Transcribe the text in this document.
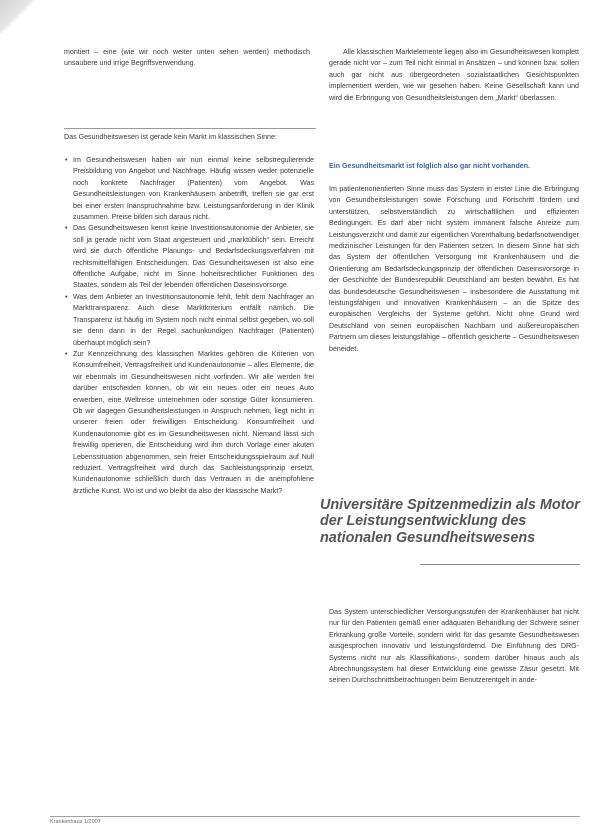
montiert – eine (wie wir noch weiter unten sehen werden) methodisch unsaubere und irrige Begriffsverwendung.

Das Gesundheitswesen ist gerade kein Markt im klassischen Sinne:

• Im Gesundheitswesen haben wir nun einmal keine selbstregulierende Preisbildung von Angebot und Nachfrage. Häufig wissen weder potenzielle noch konkrete Nachfrager (Patienten) vom Angebot. Was Gesundheitsleistungen von Krankenhäusern anbetrifft, treffen sie gar erst bei einer ersten Inanspruchnahme bzw. Leistungsanforderung in der Klinik zusammen. Preise bilden sich daraus nicht.
• Das Gesundheitswesen kennt keine Investitionsautonomie der Anbieter, sie soll ja gerade nicht vom Staat angesteuert und „marktüblich“ sein. Erreicht wird sie durch öffentliche Planungs- und Bedarfsdeckungsverfahren mit rechtsmittelfähigen Entscheidungen. Das Gesundheitswesen ist also eine öffentliche Aufgabe, nicht im Sinne hoheitsrechtlicher Funktionen des Staates, sondern als Teil der lebenden öffentlichen Daseinsvorsorge.
• Was dem Anbieter an Investitionsautonomie fehlt, fehlt dem Nachfrager an Markttransparenz. Auch diese Marktkriterium entfällt nämlich. Die Transparenz ist häufig im System noch nicht einmal selbst gegeben, wo soll sie denn dann in der Regel sachunkundigen Nachfrager (Patienten) überhaupt möglich sein?
• Zur Kennzeichnung des klassischen Marktes gehören die Kriterien von Konsumfreiheit, Vertragsfreiheit und Kundenautonomie – alles Elemente, die wir ebenmals im Gesundheitswesen nicht vorfinden. Wir alle werden frei darüber entscheiden können, ob wir ein neues oder ein neues Auto erwerben, eine Weltreise unternehmen oder sonstige Güter konsumieren. Ob wir dagegen Gesundheitsleistungen in Anspruch nehmen, liegt nicht in unserer freien oder freiwilligen Entscheidung. Konsumfreiheit und Kundenautonomie gibt es im Gesundheitswesen nicht. Niemand lässt sich freiwillig operieren, die Entscheidung wird ihm durch Vorlage einer akuten Lebenssituation abgenommen, sein freier Entscheidungsspielraum auf Null reduziert. Vertragsfreiheit wird durch das Sachleistungsprinzip ersetzt, Kundenautonomie schließlich durch das Vertrauen in die anempfohlene ärztliche Kunst. Wo ist und wo bleibt da also der klassische Markt?

Alle klassischen Marktelemente liegen also im Gesundheitswesen komplett gerade nicht vor – zum Teil nicht einmal in Ansätzen – und können bzw. sollen auch gar nicht aus übergeordneten sozialstaatlichen Gesichtspunkten implementiert werden, wie wir gesehen haben. Keine Gesellschaft kann und wird die Erbringung von Gesundheitsleistungen dem „Markt“ überlassen.

Ein Gesundheitsmarkt ist folglich also gar nicht vorhanden.

Im patientenorientierten Sinne muss das System in erster Linie die Erbringung von Gesundheitsleistungen sowie Forschung und Fortschritt fördern und unterstützen, selbstverständlich zu wirtschaftlichen und effizienten Bedingungen. Es darf aber nicht system immanent falsche Anreize zum Leistungsverzicht und damit zur eigentlichen Vorenthaltung bedarfsnotwendiger medizinischer Leistungen für den Patienten setzen. In diesem Sinne hat sich das System der öffentlichen Versorgung mit Krankenhäusern und die Orientierung am Bedarfsdeckungsprinzip der öffentlichen Daseinsvorsorge in der Geschichte der Bundesrepublik Deutschland am besten bewährt. Es hat das bundesdeutsche Gesundheitswesen – insbesondere die Ausstattung mit leistungsfähigen und innovativen Krankenhäusern – an die Spitze des europäischen Vergleichs der Systeme geführt. Nicht ohne Grund wird Deutschland von seinen europäischen Nachbarn und außereuropäischen Partnern um dieses leistungsfähige – öffentlich gesicherte – Gesundheitswesen beneidet.

Universitäre Spitzenmedizin als Motor der Leistungsentwicklung des nationalen Gesundheitswesens

Das System unterschiedlicher Versorgungsstufen der Krankenhäuser hat nicht nur für den Patienten gemäß einer adäquaten Behandlung der Schwere seiner Erkrankung große Vorteile, sondern wirkt für das gesamte Gesundheitswesen ausgesprochen innovativ und leistungsfördernd. Die Einführung des DRG-Systems nicht nur als Klassifikations-, sondern darüber hinaus auch als Abrechnungssystem hat dieser Entwicklung eine gewisse Zäsur gesetzt. Mit seinen Durchschnittsbetrachtungen beim Benutzerentgelt in ande-

Krankenhaus 1/2007
